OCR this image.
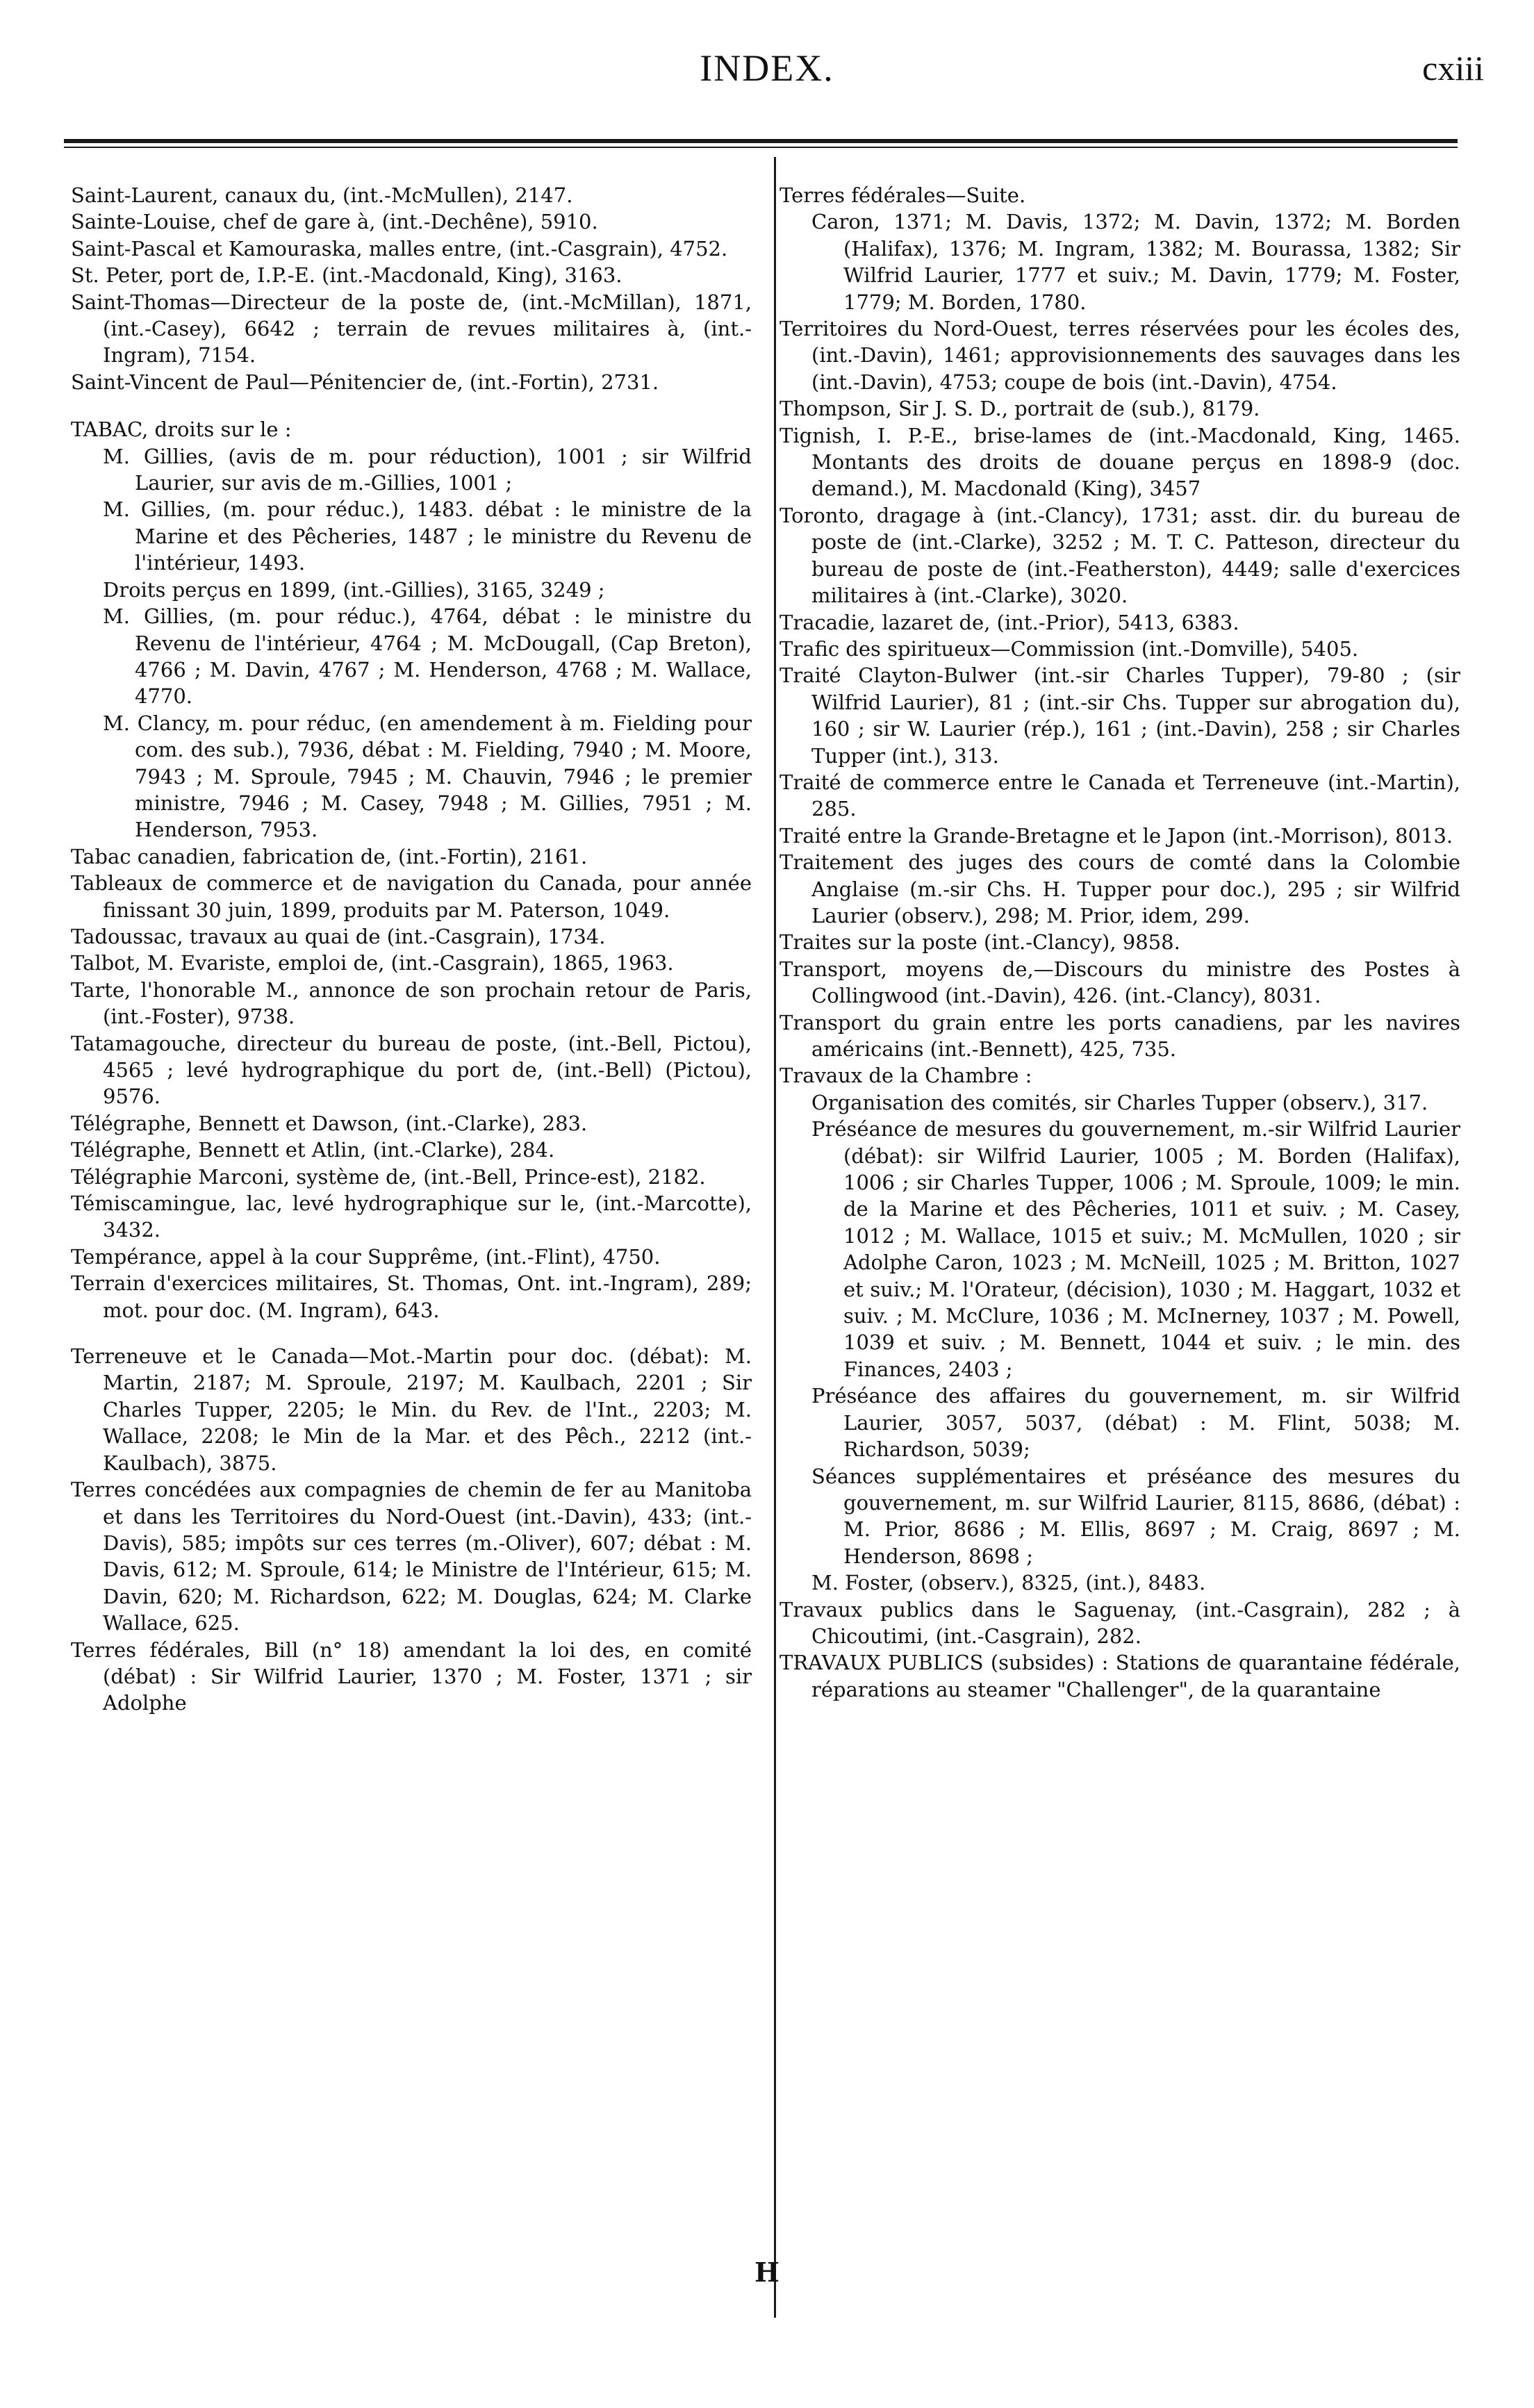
INDEX.	cxiii

Saint-Laurent, canaux du, (int.-McMullen), 2147.

Sainte-Louise, chef de gare à, (int.-Dechêne), 5910.

Saint-Pascal et Kamouraska, malles entre, (int.-Casgrain), 4752.

St. Peter, port de, I.P.-E. (int.-Macdonald, King), 3163.

Saint-Thomas—Directeur de la poste de, (int.-McMillan), 1871, (int.-Casey), 6642 ; terrain de revues militaires à, (int.-Ingram), 7154.

Saint-Vincent de Paul—Pénitencier de, (int.-Fortin), 2731.

TABAC, droits sur le :

M. Gillies, (avis de m. pour réduction), 1001 ; sir Wilfrid Laurier, sur avis de m.-Gillies, 1001 ;

M. Gillies, (m. pour réduc.), 1483. débat : le ministre de la Marine et des Pêcheries, 1487 ; le ministre du Revenu de l'intérieur, 1493.

Droits perçus en 1899, (int.-Gillies), 3165, 3249 ;

M. Gillies, (m. pour réduc.), 4764, débat : le ministre du Revenu de l'intérieur, 4764 ; M. McDougall, (Cap Breton), 4766 ; M. Davin, 4767 ; M. Henderson, 4768 ; M. Wallace, 4770.

M. Clancy, m. pour réduc, (en amendement à m. Fielding pour com. des sub.), 7936, débat : M. Fielding, 7940 ; M. Moore, 7943 ; M. Sproule, 7945 ; M. Chauvin, 7946 ; le premier ministre, 7946 ; M. Casey, 7948 ; M. Gillies, 7951 ; M. Henderson, 7953.

Tabac canadien, fabrication de, (int.-Fortin), 2161.

Tableaux de commerce et de navigation du Canada, pour année finissant 30 juin, 1899, produits par M. Paterson, 1049.

Tadoussac, travaux au quai de (int.-Casgrain), 1734.

Talbot, M. Evariste, emploi de, (int.-Casgrain), 1865, 1963.

Tarte, l'honorable M., annonce de son prochain retour de Paris, (int.-Foster), 9738.

Tatamagouche, directeur du bureau de poste, (int.-Bell, Pictou), 4565 ; levé hydrographique du port de, (int.-Bell) (Pictou), 9576.

Télégraphe, Bennett et Dawson, (int.-Clarke), 283.

Télégraphe, Bennett et Atlin, (int.-Clarke), 284.

Télégraphie Marconi, système de, (int.-Bell, Prince-est), 2182.

Témiscamingue, lac, levé hydrographique sur le, (int.-Marcotte), 3432.

Tempérance, appel à la cour Supprême, (int.-Flint), 4750.

Terrain d'exercices militaires, St. Thomas, Ont. int.-Ingram), 289; mot. pour doc. (M. Ingram), 643.

Terreneuve et le Canada—Mot.-Martin pour doc. (débat): M. Martin, 2187; M. Sproule, 2197; M. Kaulbach, 2201 ; Sir Charles Tupper, 2205; le Min. du Rev. de l'Int., 2203; M. Wallace, 2208; le Min de la Mar. et des Pêch., 2212 (int.-Kaulbach), 3875.

Terres concédées aux compagnies de chemin de fer au Manitoba et dans les Territoires du Nord-Ouest (int.-Davin), 433; (int.-Davis), 585; impôts sur ces terres (m.-Oliver), 607; débat : M. Davis, 612; M. Sproule, 614; le Ministre de l'Intérieur, 615; M. Davin, 620; M. Richardson, 622; M. Douglas, 624; M. Clarke Wallace, 625.

Terres fédérales, Bill (n° 18) amendant la loi des, en comité (débat) : Sir Wilfrid Laurier, 1370 ; M. Foster, 1371 ; sir Adolphe

Terres fédérales—Suite.

Caron, 1371; M. Davis, 1372; M. Davin, 1372; M. Borden (Halifax), 1376; M. Ingram, 1382; M. Bourassa, 1382; Sir Wilfrid Laurier, 1777 et suiv.; M. Davin, 1779; M. Foster, 1779; M. Borden, 1780.

Territoires du Nord-Ouest, terres réservées pour les écoles des, (int.-Davin), 1461; approvisionnements des sauvages dans les (int.-Davin), 4753; coupe de bois (int.-Davin), 4754.

Thompson, Sir J. S. D., portrait de (sub.), 8179.

Tignish, I. P.-E., brise-lames de (int.-Macdonald, King, 1465. Montants des droits de douane perçus en 1898-9 (doc. demand.), M. Macdonald (King), 3457

Toronto, dragage à (int.-Clancy), 1731; asst. dir. du bureau de poste de (int.-Clarke), 3252 ; M. T. C. Patteson, directeur du bureau de poste de (int.-Featherston), 4449; salle d'exercices militaires à (int.-Clarke), 3020.

Tracadie, lazaret de, (int.-Prior), 5413, 6383.

Trafic des spiritueux—Commission (int.-Domville), 5405.

Traité Clayton-Bulwer (int.-sir Charles Tupper), 79-80 ; (sir Wilfrid Laurier), 81 ; (int.-sir Chs. Tupper sur abrogation du), 160 ; sir W. Laurier (rép.), 161 ; (int.-Davin), 258 ; sir Charles Tupper (int.), 313.

Traité de commerce entre le Canada et Terreneuve (int.-Martin), 285.

Traité entre la Grande-Bretagne et le Japon (int.-Morrison), 8013.

Traitement des juges des cours de comté dans la Colombie Anglaise (m.-sir Chs. H. Tupper pour doc.), 295 ; sir Wilfrid Laurier (observ.), 298; M. Prior, idem, 299.

Traites sur la poste (int.-Clancy), 9858.

Transport, moyens de,—Discours du ministre des Postes à Collingwood (int.-Davin), 426. (int.-Clancy), 8031.

Transport du grain entre les ports canadiens, par les navires américains (int.-Bennett), 425, 735.

Travaux de la Chambre :

Organisation des comités, sir Charles Tupper (observ.), 317.

Préséance de mesures du gouvernement, m.-sir Wilfrid Laurier (débat): sir Wilfrid Laurier, 1005 ; M. Borden (Halifax), 1006 ; sir Charles Tupper, 1006 ; M. Sproule, 1009; le min. de la Marine et des Pêcheries, 1011 et suiv. ; M. Casey, 1012 ; M. Wallace, 1015 et suiv.; M. McMullen, 1020 ; sir Adolphe Caron, 1023 ; M. McNeill, 1025 ; M. Britton, 1027 et suiv.; M. l'Orateur, (décision), 1030 ; M. Haggart, 1032 et suiv. ; M. McClure, 1036 ; M. McInerney, 1037 ; M. Powell, 1039 et suiv. ; M. Bennett, 1044 et suiv. ; le min. des Finances, 2403 ;

Préséance des affaires du gouvernement, m. sir Wilfrid Laurier, 3057, 5037, (débat) : M. Flint, 5038; M. Richardson, 5039;

Séances supplémentaires et préséance des mesures du gouvernement, m. sur Wilfrid Laurier, 8115, 8686, (débat) : M. Prior, 8686 ; M. Ellis, 8697 ; M. Craig, 8697 ; M. Henderson, 8698 ;

M. Foster, (observ.), 8325, (int.), 8483.

Travaux publics dans le Saguenay, (int.-Casgrain), 282 ; à Chicoutimi, (int.-Casgrain), 282.

TRAVAUX PUBLICS (subsides) : Stations de quarantaine fédérale, réparations au steamer "Challenger", de la quarantaine

H
